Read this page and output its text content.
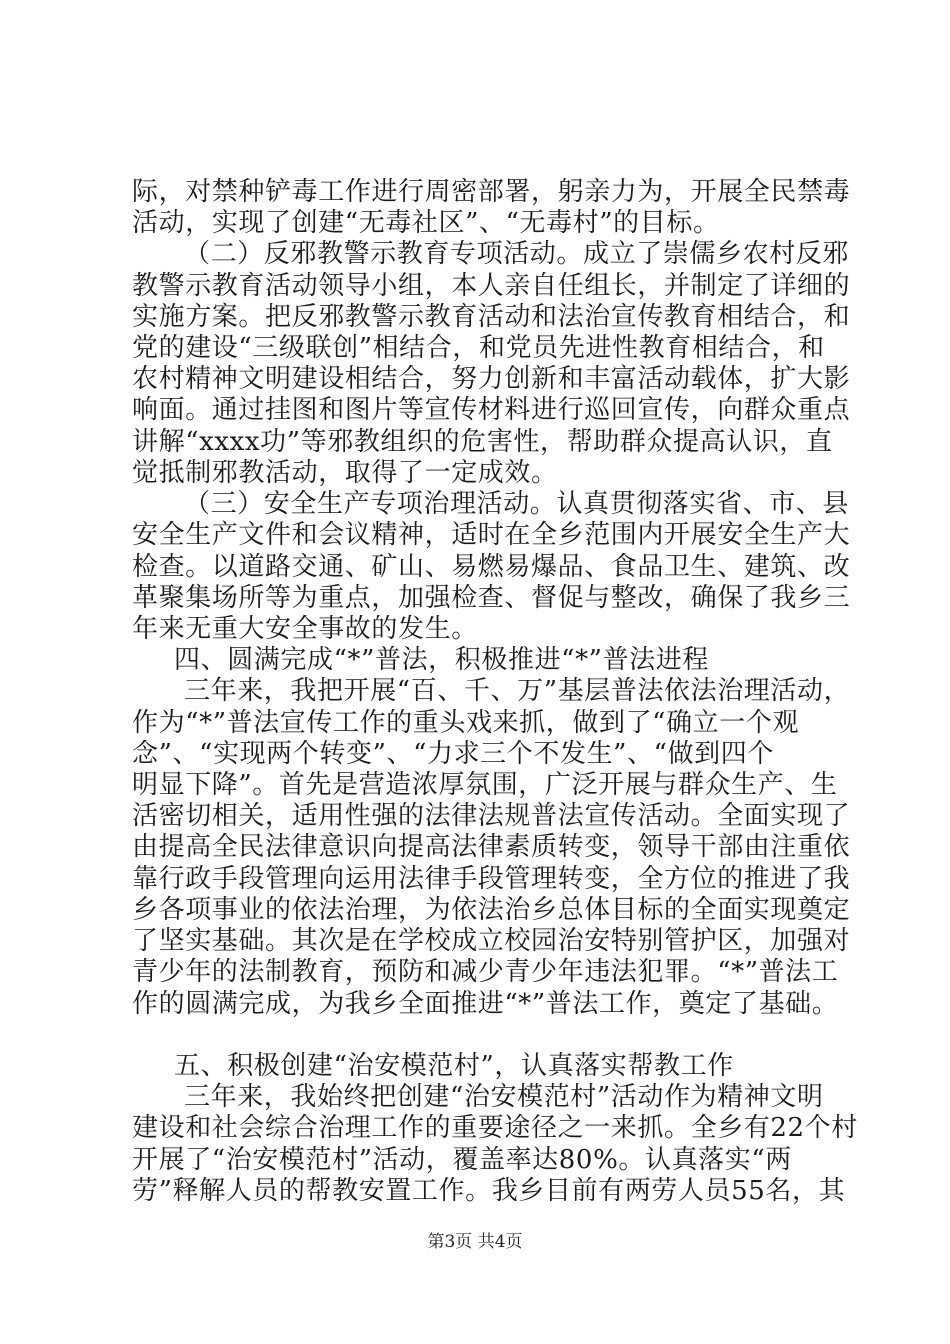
际，对禁种铲毒工作进行周密部署，躬亲力为，开展全民禁毒
活动，实现了创建“无毒社区”、“无毒村”的目标。
（二）反邪教警示教育专项活动。成立了崇儒乡农村反邪
教警示教育活动领导小组，本人亲自任组长，并制定了详细的
实施方案。把反邪教警示教育活动和法治宣传教育相结合，和
党的建设“三级联创”相结合，和党员先进性教育相结合，和
农村精神文明建设相结合，努力创新和丰富活动载体，扩大影
响面。通过挂图和图片等宣传材料进行巡回宣传，向群众重点
讲解“xxxx功”等邪教组织的危害性，帮助群众提高认识，直
觉抵制邪教活动，取得了一定成效。
（三）安全生产专项治理活动。认真贯彻落实省、市、县
安全生产文件和会议精神，适时在全乡范围内开展安全生产大
检查。以道路交通、矿山、易燃易爆品、食品卫生、建筑、改
革聚集场所等为重点，加强检查、督促与整改，确保了我乡三
年来无重大安全事故的发生。
四、圆满完成“*”普法，积极推进“*”普法进程
三年来，我把开展“百、千、万”基层普法依法治理活动，
作为“*”普法宣传工作的重头戏来抓，做到了“确立一个观
念”、“实现两个转变”、“力求三个不发生”、“做到四个
明显下降”。首先是营造浓厚氛围，广泛开展与群众生产、生
活密切相关，适用性强的法律法规普法宣传活动。全面实现了
由提高全民法律意识向提高法律素质转变，领导干部由注重依
靠行政手段管理向运用法律手段管理转变，全方位的推进了我
乡各项事业的依法治理，为依法治乡总体目标的全面实现奠定
了坚实基础。其次是在学校成立校园治安特别管护区，加强对
青少年的法制教育，预防和减少青少年违法犯罪。“*”普法工
作的圆满完成，为我乡全面推进“*”普法工作，奠定了基础。
五、积极创建“治安模范村”，认真落实帮教工作
三年来，我始终把创建“治安模范村”活动作为精神文明
建设和社会综合治理工作的重要途径之一来抓。全乡有22个村
开展了“治安模范村”活动，覆盖率达80%。认真落实“两
劳”释解人员的帮教安置工作。我乡目前有两劳人员55名，其
第3页 共4页
